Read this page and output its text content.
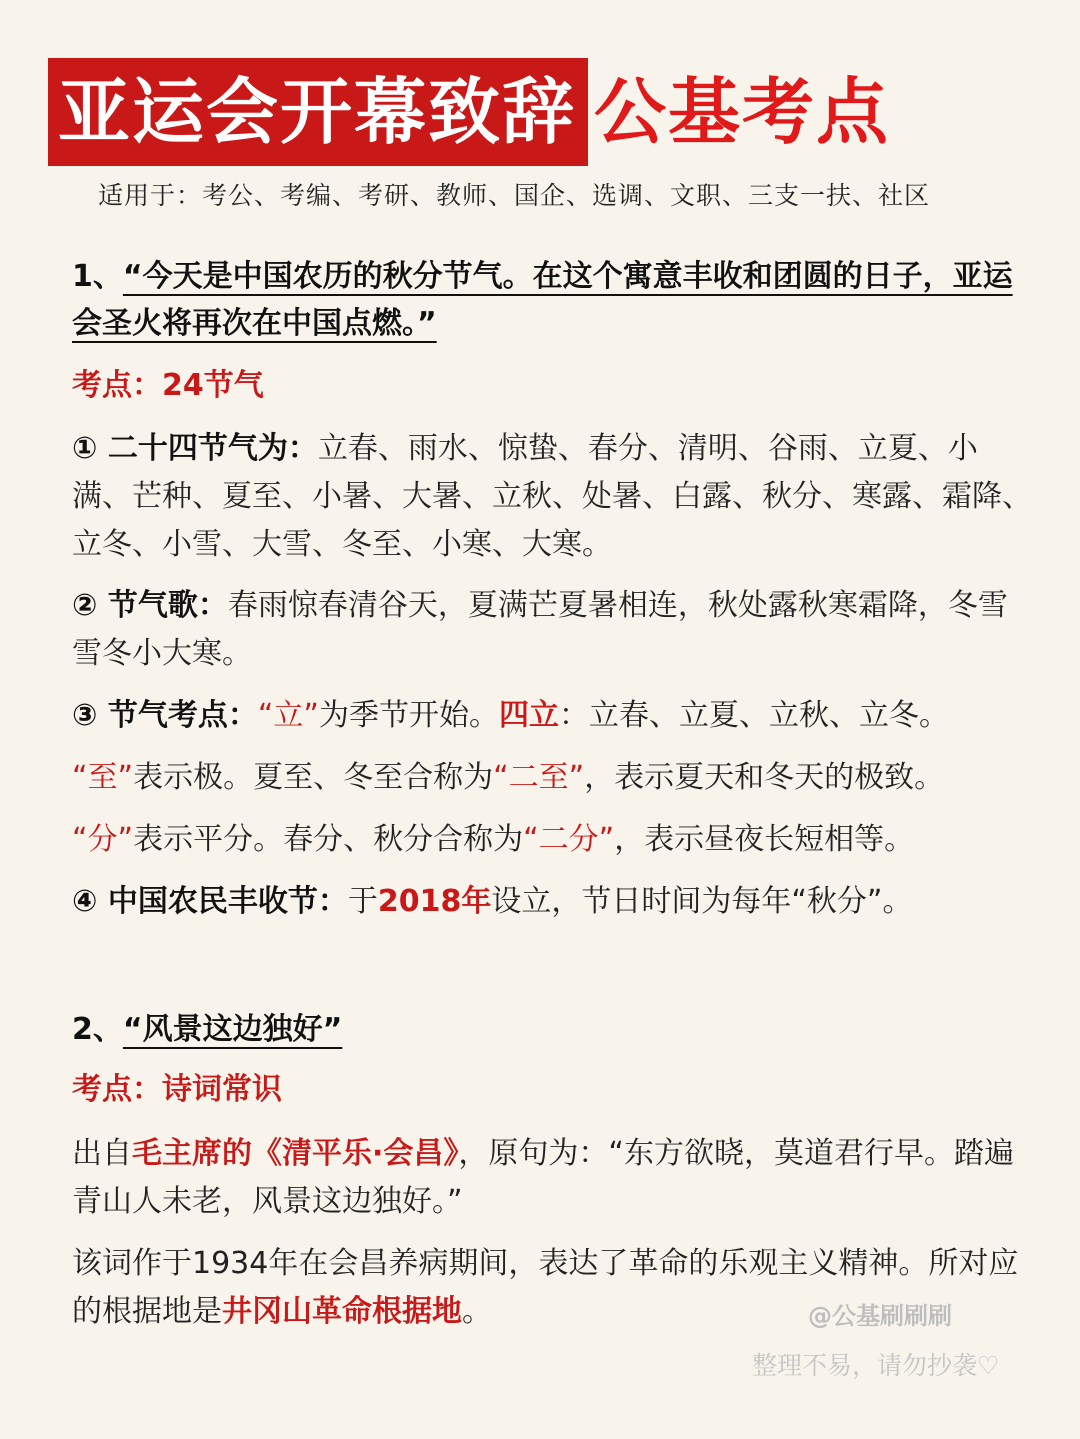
亚运会开幕致辞 公基考点
适用于：考公、考编、考研、教师、国企、选调、文职、三支一扶、社区
1、“今天是中国农历的秋分节气。在这个寓意丰收和团圆的日子，亚运会圣火将再次在中国点燃。”
考点：24节气
① 二十四节气为：立春、雨水、惊蛰、春分、清明、谷雨、立夏、小满、芒种、夏至、小暑、大暑、立秋、处暑、白露、秋分、寒露、霜降、立冬、小雪、大雪、冬至、小寒、大寒。
② 节气歌：春雨惊春清谷天，夏满芒夏暑相连，秋处露秋寒霜降，冬雪雪冬小大寒。
③ 节气考点：“立”为季节开始。四立：立春、立夏、立秋、立冬。
“至”表示极。夏至、冬至合称为“二至”，表示夏天和冬天的极致。
“分”表示平分。春分、秋分合称为“二分”，表示昼夜长短相等。
④ 中国农民丰收节：于2018年设立，节日时间为每年“秋分”。
2、“风景这边独好”
考点：诗词常识
出自毛主席的《清平乐·会昌》，原句为：“东方欲晓，莫道君行早。踏遍青山人未老，风景这边独好。”
该词作于1934年在会昌养病期间，表达了革命的乐观主义精神。所对应的根据地是井冈山革命根据地。	@公基刷刷刷
整理不易，请勿抄袭♡
